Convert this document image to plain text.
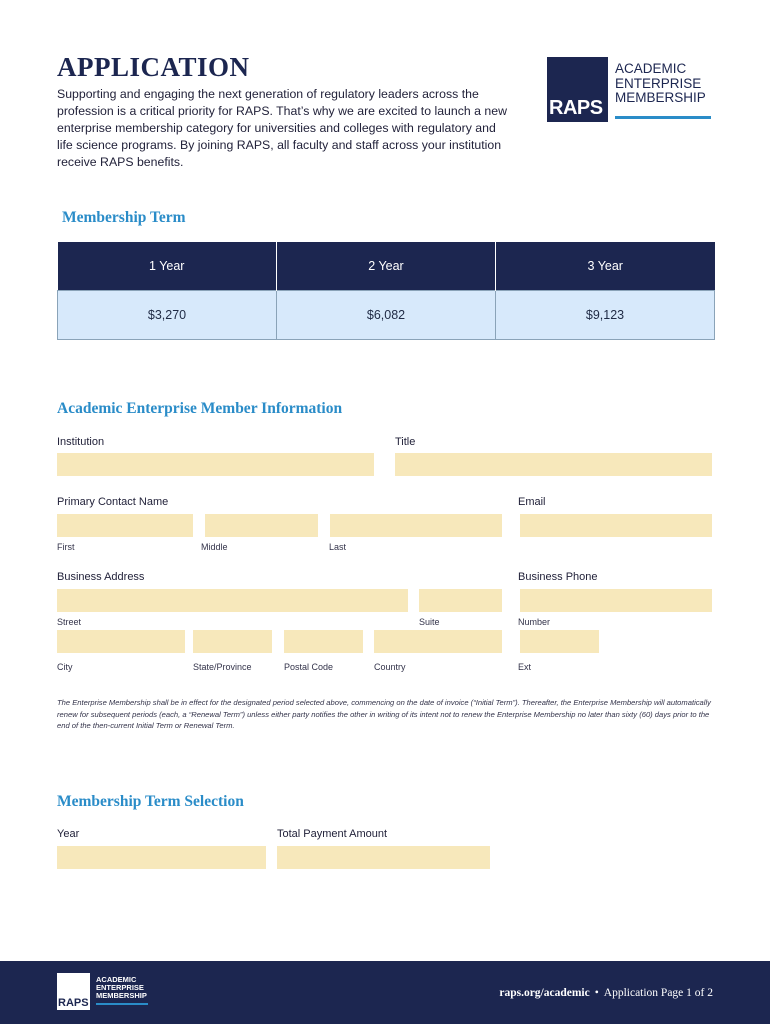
APPLICATION
Supporting and engaging the next generation of regulatory leaders across the
profession is a critical priority for RAPS. That’s why we are excited to launch a new
enterprise membership category for universities and colleges with regulatory and
life science programs. By joining RAPS, all faculty and staff across your institution
receive RAPS benefits.
RAPS
ACADEMIC
ENTERPRISE
MEMBERSHIP
Membership Term
1 Year	2 Year	3 Year
$3,270	$6,082	$9,123
Academic Enterprise Member Information
Institution	Title
Primary Contact Name	Email
First	Middle	Last
Business Address	Business Phone
Street	Suite	Number
City	State/Province	Postal Code	Country	Ext
The Enterprise Membership shall be in effect for the designated period selected above, commencing on the date of invoice (“Initial Term”). Thereafter, the Enterprise Membership will automatically renew for subsequent periods (each, a “Renewal Term”) unless either party notifies the other in writing of its intent not to renew the Enterprise Membership no later than sixty (60) days prior to the end of the then-current Initial Term or Renewal Term.
Membership Term Selection
Year	Total Payment Amount
RAPS
ACADEMIC
ENTERPRISE
MEMBERSHIP	raps.org/academic • Application Page 1 of 2
